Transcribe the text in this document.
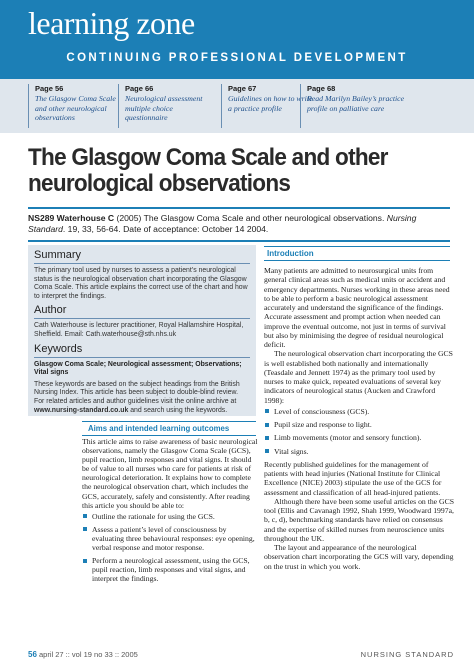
learning zone
CONTINUING PROFESSIONAL DEVELOPMENT
Page 56
The Glasgow Coma Scale and other neurological observations
Page 66
Neurological assessment multiple choice questionnaire
Page 67
Guidelines on how to write a practice profile
Page 68
Read Marilyn Bailey’s practice profile on palliative care
The Glasgow Coma Scale and other
neurological observations
NS289 Waterhouse C (2005) The Glasgow Coma Scale and other neurological observations. Nursing Standard. 19, 33, 56-64. Date of acceptance: October 14 2004.
Summary
The primary tool used by nurses to assess a patient’s neurological status is the neurological observation chart incorporating the Glasgow Coma Scale. This article explains the correct use of the chart and how to interpret the findings.
Author
Cath Waterhouse is lecturer practitioner, Royal Hallamshire Hospital, Sheffield. Email: Cath.waterhouse@sth.nhs.uk
Keywords
Glasgow Coma Scale; Neurological assessment; Observations; Vital signs
These keywords are based on the subject headings from the British Nursing Index. This article has been subject to double-blind review. For related articles and author guidelines visit the online archive at www.nursing-standard.co.uk and search using the keywords.
Aims and intended learning outcomes

This article aims to raise awareness of basic neurological observations, namely the Glasgow Coma Scale (GCS), pupil reaction, limb responses and vital signs. It should be of value to all nurses who care for patients at risk of neurological deterioration. It explains how to complete the neurological observation chart, which includes the GCS, accurately, safely and consistently. After reading this article you should be able to:

Outline the rationale for using the GCS.
Assess a patient’s level of consciousness by evaluating three behavioural responses: eye opening, verbal response and motor response.
Perform a neurological assessment, using the GCS, pupil reaction, limb responses and vital signs, and interpret the findings.
Introduction

Many patients are admitted to neurosurgical units from general clinical areas such as medical units or accident and emergency departments. Nurses working in these areas need to be able to perform a basic neurological assessment accurately and understand the significance of the findings. Accurate assessment and prompt action when needed can improve the eventual outcome, not just in terms of survival but also by minimising the degree of residual neurological deficit.

The neurological observation chart incorporating the GCS is well established both nationally and internationally (Teasdale and Jennett 1974) as the primary tool used by nurses to make quick, repeated evaluations of several key indicators of neurological status (Aucken and Crawford 1998):

Level of consciousness (GCS).
Pupil size and response to light.
Limb movements (motor and sensory function).
Vital signs.

Recently published guidelines for the management of patients with head injuries (National Institute for Clinical Excellence (NICE) 2003) stipulate the use of the GCS for assessment and classification of all head-injured patients.

Although there have been some useful articles on the GCS tool (Ellis and Cavanagh 1992, Shah 1999, Woodward 1997a, b, c, d), benchmarking standards have relied on consensus and the expertise of skilled nurses from neuroscience units throughout the UK.

The layout and appearance of the neurological observation chart incorporating the GCS will vary, depending on the trust in which you work.

56 april 27 :: vol 19 no 33 :: 2005	NURSING STANDARD
